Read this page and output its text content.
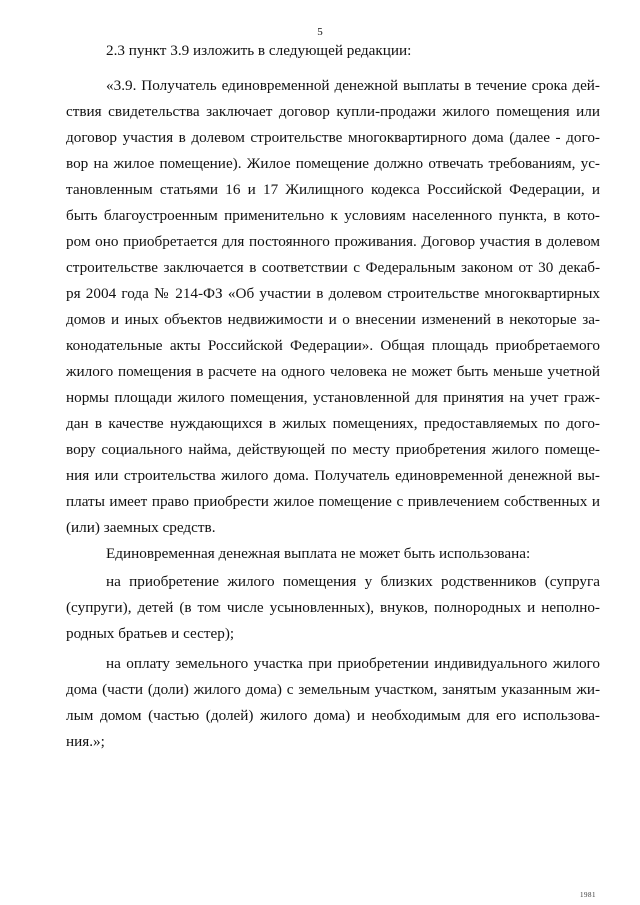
5
2.3 пункт 3.9 изложить в следующей редакции:
«3.9. Получатель единовременной денежной выплаты в течение срока дей-
ствия свидетельства заключает договор купли-продажи жилого помещения или
договор участия в долевом строительстве многоквартирного дома (далее - дого-
вор на жилое помещение). Жилое помещение должно отвечать требованиям, ус-
тановленным статьями 16 и 17 Жилищного кодекса Российской Федерации, и
быть благоустроенным применительно к условиям населенного пункта, в кото-
ром оно приобретается для постоянного проживания. Договор участия в долевом
строительстве заключается в соответствии с Федеральным законом от 30 декаб-
ря 2004 года № 214-ФЗ «Об участии в долевом строительстве многоквартирных
домов и иных объектов недвижимости и о внесении изменений в некоторые за-
конодательные акты Российской Федерации». Общая площадь приобретаемого
жилого помещения в расчете на одного человека не может быть меньше учетной
нормы площади жилого помещения, установленной для принятия на учет граж-
дан в качестве нуждающихся в жилых помещениях, предоставляемых по дого-
вору социального найма, действующей по месту приобретения жилого помеще-
ния или строительства жилого дома. Получатель единовременной денежной вы-
платы имеет право приобрести жилое помещение с привлечением собственных и
(или) заемных средств.
Единовременная денежная выплата не может быть использована:
на приобретение жилого помещения у близких родственников (супруга
(супруги), детей (в том числе усыновленных), внуков, полнородных и неполно-
родных братьев и сестер);
на оплату земельного участка при приобретении индивидуального жилого
дома (части (доли) жилого дома) с земельным участком, занятым указанным жи-
лым домом (частью (долей) жилого дома) и необходимым для его использова-
ния.»;
1981
